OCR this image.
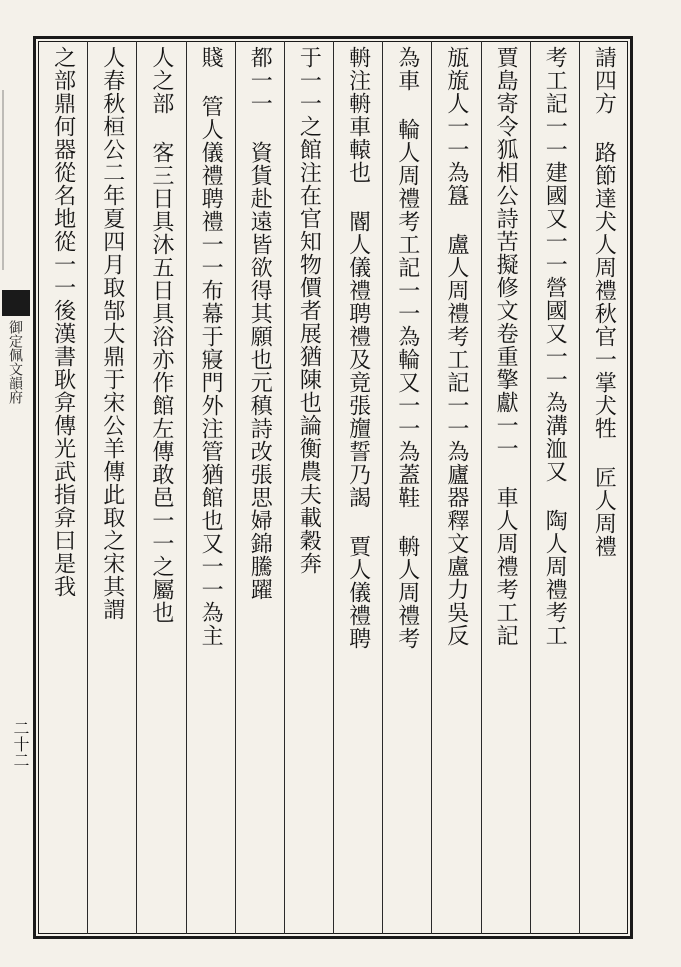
御定佩文韻府
二十二
請四方 路節達犬人周禮秋官一掌犬牲 匠人周禮
考工記一一建國又一一營國又一一為溝洫又 陶人周禮考工
賈島寄令狐相公詩苦擬修文卷重擎獻一一 車人周禮考工記
瓬旊人一一為簋 盧人周禮考工記一一為廬器釋文盧力吳反
為車 輪人周禮考工記一一為輪又一一為蓋鞋 輈人周禮考
輈注輈車轅也 閽人儀禮聘禮及竟張旜誓乃謁 賈人儀禮聘
于一一之館注在官知物價者展猶陳也論衡農夫載穀奔
都一一 資貨赴遠皆欲得其願也元稹詩改張思婦錦騰躍
賤 管人儀禮聘禮一一布幕于寢門外注管猶館也又一一為主
人之部 客三日具沐五日具浴亦作館左傳敢邑一一之屬也
人春秋桓公二年夏四月取郜大鼎于宋公羊傳此取之宋其謂
之部鼎何器從名地從一一後漢書耿弇傳光武指弇曰是我
